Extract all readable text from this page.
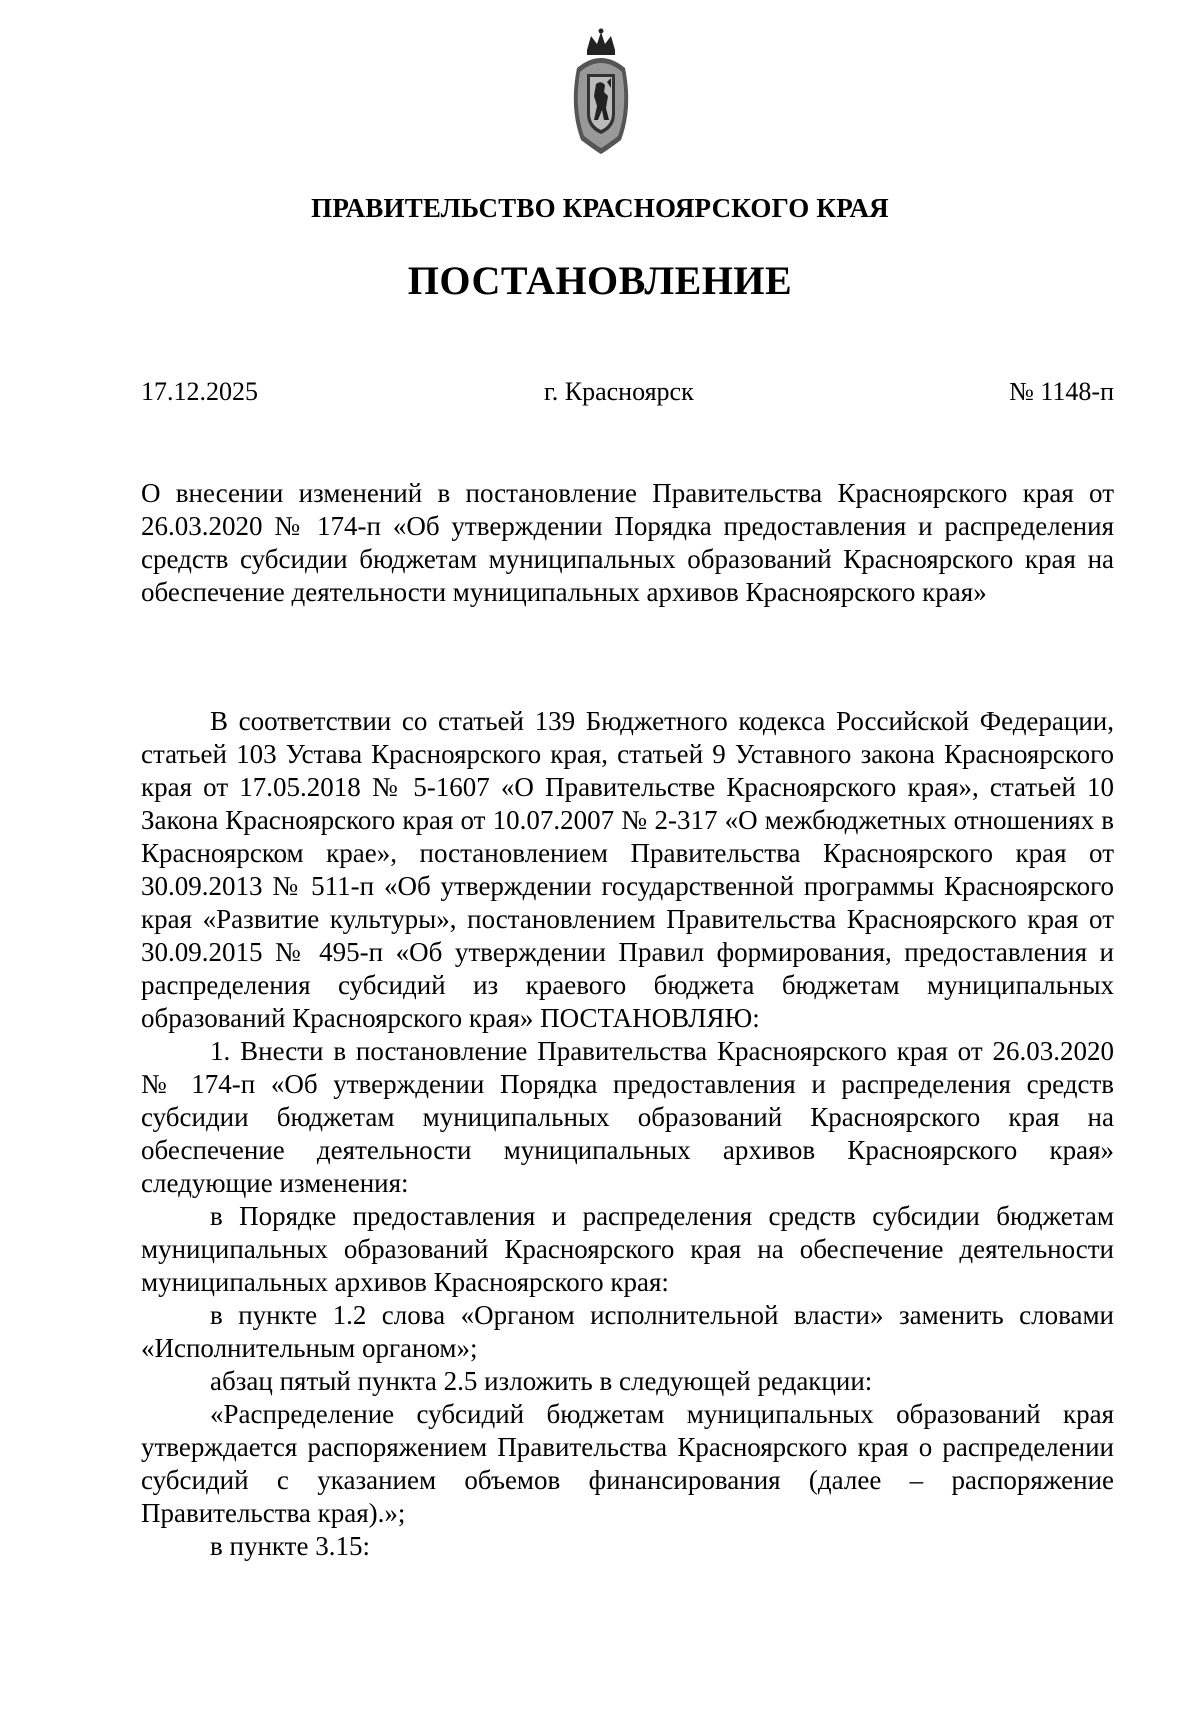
ПРАВИТЕЛЬСТВО КРАСНОЯРСКОГО КРАЯ
ПОСТАНОВЛЕНИЕ
17.12.2025	г. Красноярск	№ 1148-п

О внесении изменений в постановление Правительства Красноярского края от 26.03.2020 № 174-п «Об утверждении Порядка предоставления и распределения средств субсидии бюджетам муниципальных образований Красноярского края на обеспечение деятельности муниципальных архивов Красноярского края»

В соответствии со статьей 139 Бюджетного кодекса Российской Федерации, статьей 103 Устава Красноярского края, статьей 9 Уставного закона Красноярского края от 17.05.2018 № 5-1607 «О Правительстве Красноярского края», статьей 10 Закона Красноярского края от 10.07.2007 № 2-317 «О межбюджетных отношениях в Красноярском крае», постановлением Правительства Красноярского края от 30.09.2013 № 511-п «Об утверждении государственной программы Красноярского края «Развитие культуры», постановлением Правительства Красноярского края от 30.09.2015 № 495-п «Об утверждении Правил формирования, предоставления и распределения субсидий из краевого бюджета бюджетам муниципальных образований Красноярского края» ПОСТАНОВЛЯЮ:

1. Внести в постановление Правительства Красноярского края от 26.03.2020 № 174-п «Об утверждении Порядка предоставления и распределения средств субсидии бюджетам муниципальных образований Красноярского края на обеспечение деятельности муниципальных архивов Красноярского края» следующие изменения:

в Порядке предоставления и распределения средств субсидии бюджетам муниципальных образований Красноярского края на обеспечение деятельности муниципальных архивов Красноярского края:

в пункте 1.2 слова «Органом исполнительной власти» заменить словами «Исполнительным органом»;

абзац пятый пункта 2.5 изложить в следующей редакции:

«Распределение субсидий бюджетам муниципальных образований края утверждается распоряжением Правительства Красноярского края о распределении субсидий с указанием объемов финансирования (далее – распоряжение Правительства края).»;

в пункте 3.15:
